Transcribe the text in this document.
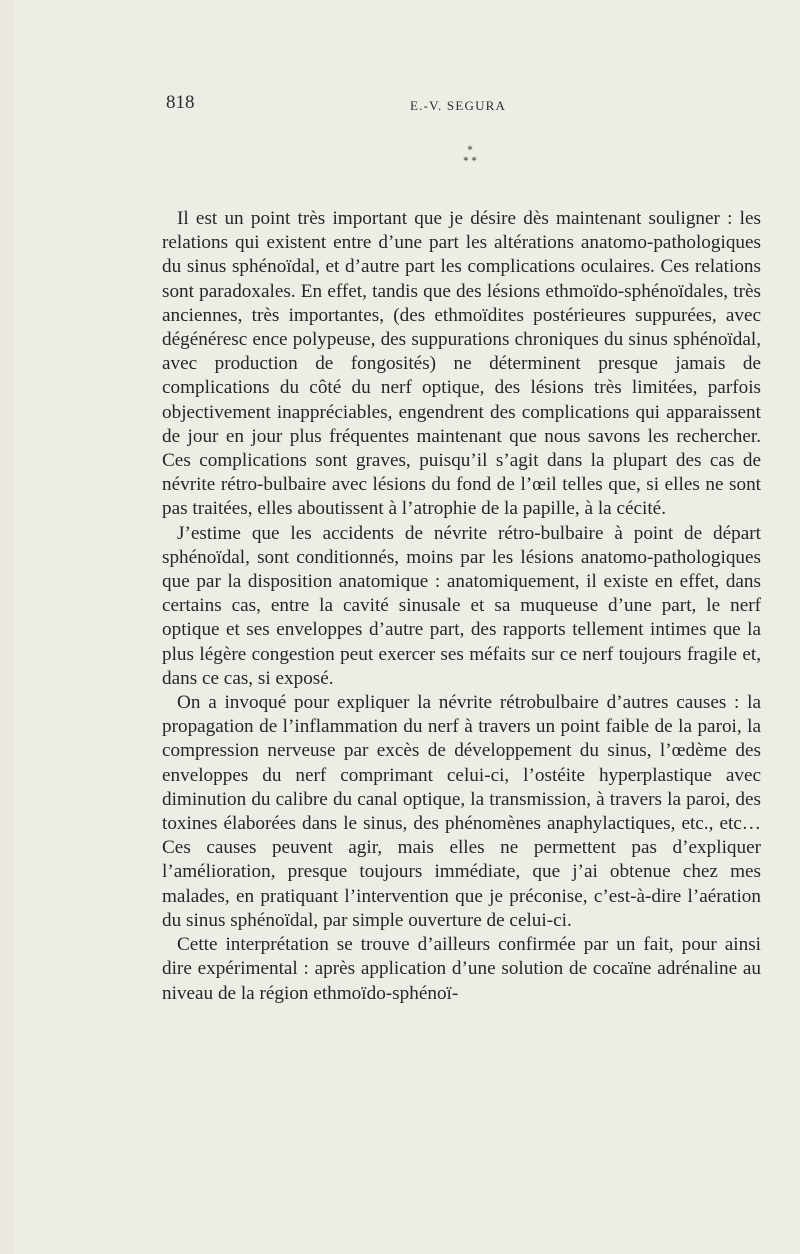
818	E.-V. SEGURA
*
* *

Il est un point très important que je désire dès maintenant souligner : les relations qui existent entre d’une part les altérations anatomo-pathologiques du sinus sphénoïdal, et d’autre part les complications oculaires. Ces relations sont paradoxales. En effet, tandis que des lésions ethmoïdo-sphénoïdales, très anciennes, très importantes, (des ethmoïdites postérieures suppurées, avec dégénéresc ence polypeuse, des suppurations chroniques du sinus sphénoïdal, avec production de fongosités) ne déterminent presque jamais de complications du côté du nerf optique, des lésions très limitées, parfois objectivement inappréciables, engendrent des complications qui apparaissent de jour en jour plus fréquentes maintenant que nous savons les rechercher. Ces complications sont graves, puisqu’il s’agit dans la plupart des cas de névrite rétro-bulbaire avec lésions du fond de l’œil telles que, si elles ne sont pas traitées, elles aboutissent à l’atrophie de la papille, à la cécité.

J’estime que les accidents de névrite rétro-bulbaire à point de départ sphénoïdal, sont conditionnés, moins par les lésions anatomo-pathologiques que par la disposition anatomique : anatomiquement, il existe en effet, dans certains cas, entre la cavité sinusale et sa muqueuse d’une part, le nerf optique et ses enveloppes d’autre part, des rapports tellement intimes que la plus légère congestion peut exercer ses méfaits sur ce nerf toujours fragile et, dans ce cas, si exposé.

On a invoqué pour expliquer la névrite rétrobulbaire d’autres causes : la propagation de l’inflammation du nerf à travers un point faible de la paroi, la compression nerveuse par excès de développement du sinus, l’œdème des enveloppes du nerf comprimant celui-ci, l’ostéite hyperplastique avec diminution du calibre du canal optique, la transmission, à travers la paroi, des toxines élaborées dans le sinus, des phénomènes anaphylactiques, etc., etc… Ces causes peuvent agir, mais elles ne permettent pas d’expliquer l’amélioration, presque toujours immédiate, que j’ai obtenue chez mes malades, en pratiquant l’intervention que je préconise, c’est-à-dire l’aération du sinus sphénoïdal, par simple ouverture de celui-ci.

Cette interprétation se trouve d’ailleurs confirmée par un fait, pour ainsi dire expérimental : après application d’une solution de cocaïne adrénaline au niveau de la région ethmoïdo-sphénoï-
